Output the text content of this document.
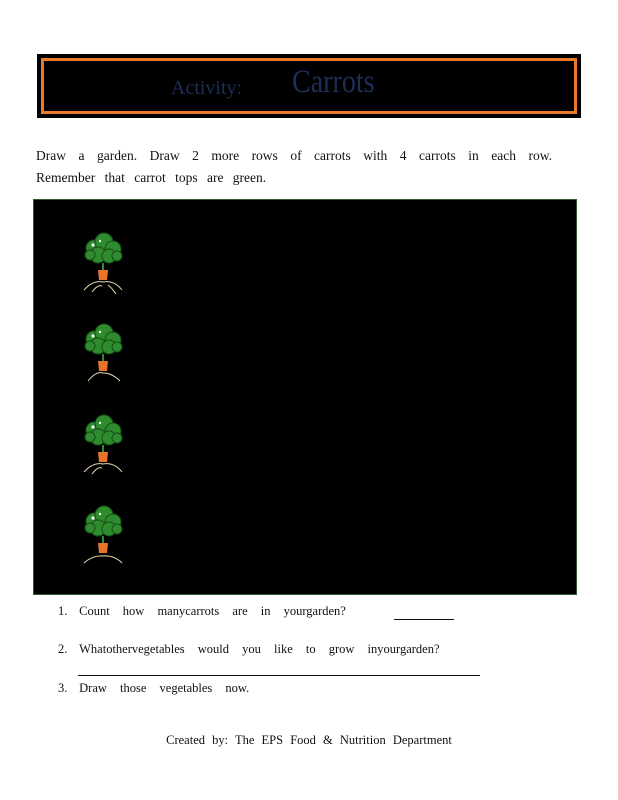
Activity: Carrots
Draw a garden. Draw 2 more rows of carrots with 4 carrots in each row. Remember that carrot tops are green.
1. Count how manycarrots are in yourgarden?
2. Whatothervegetables would you like to grow inyourgarden?
3. Draw those vegetables now.
Created by: The EPS Food & Nutrition Department
